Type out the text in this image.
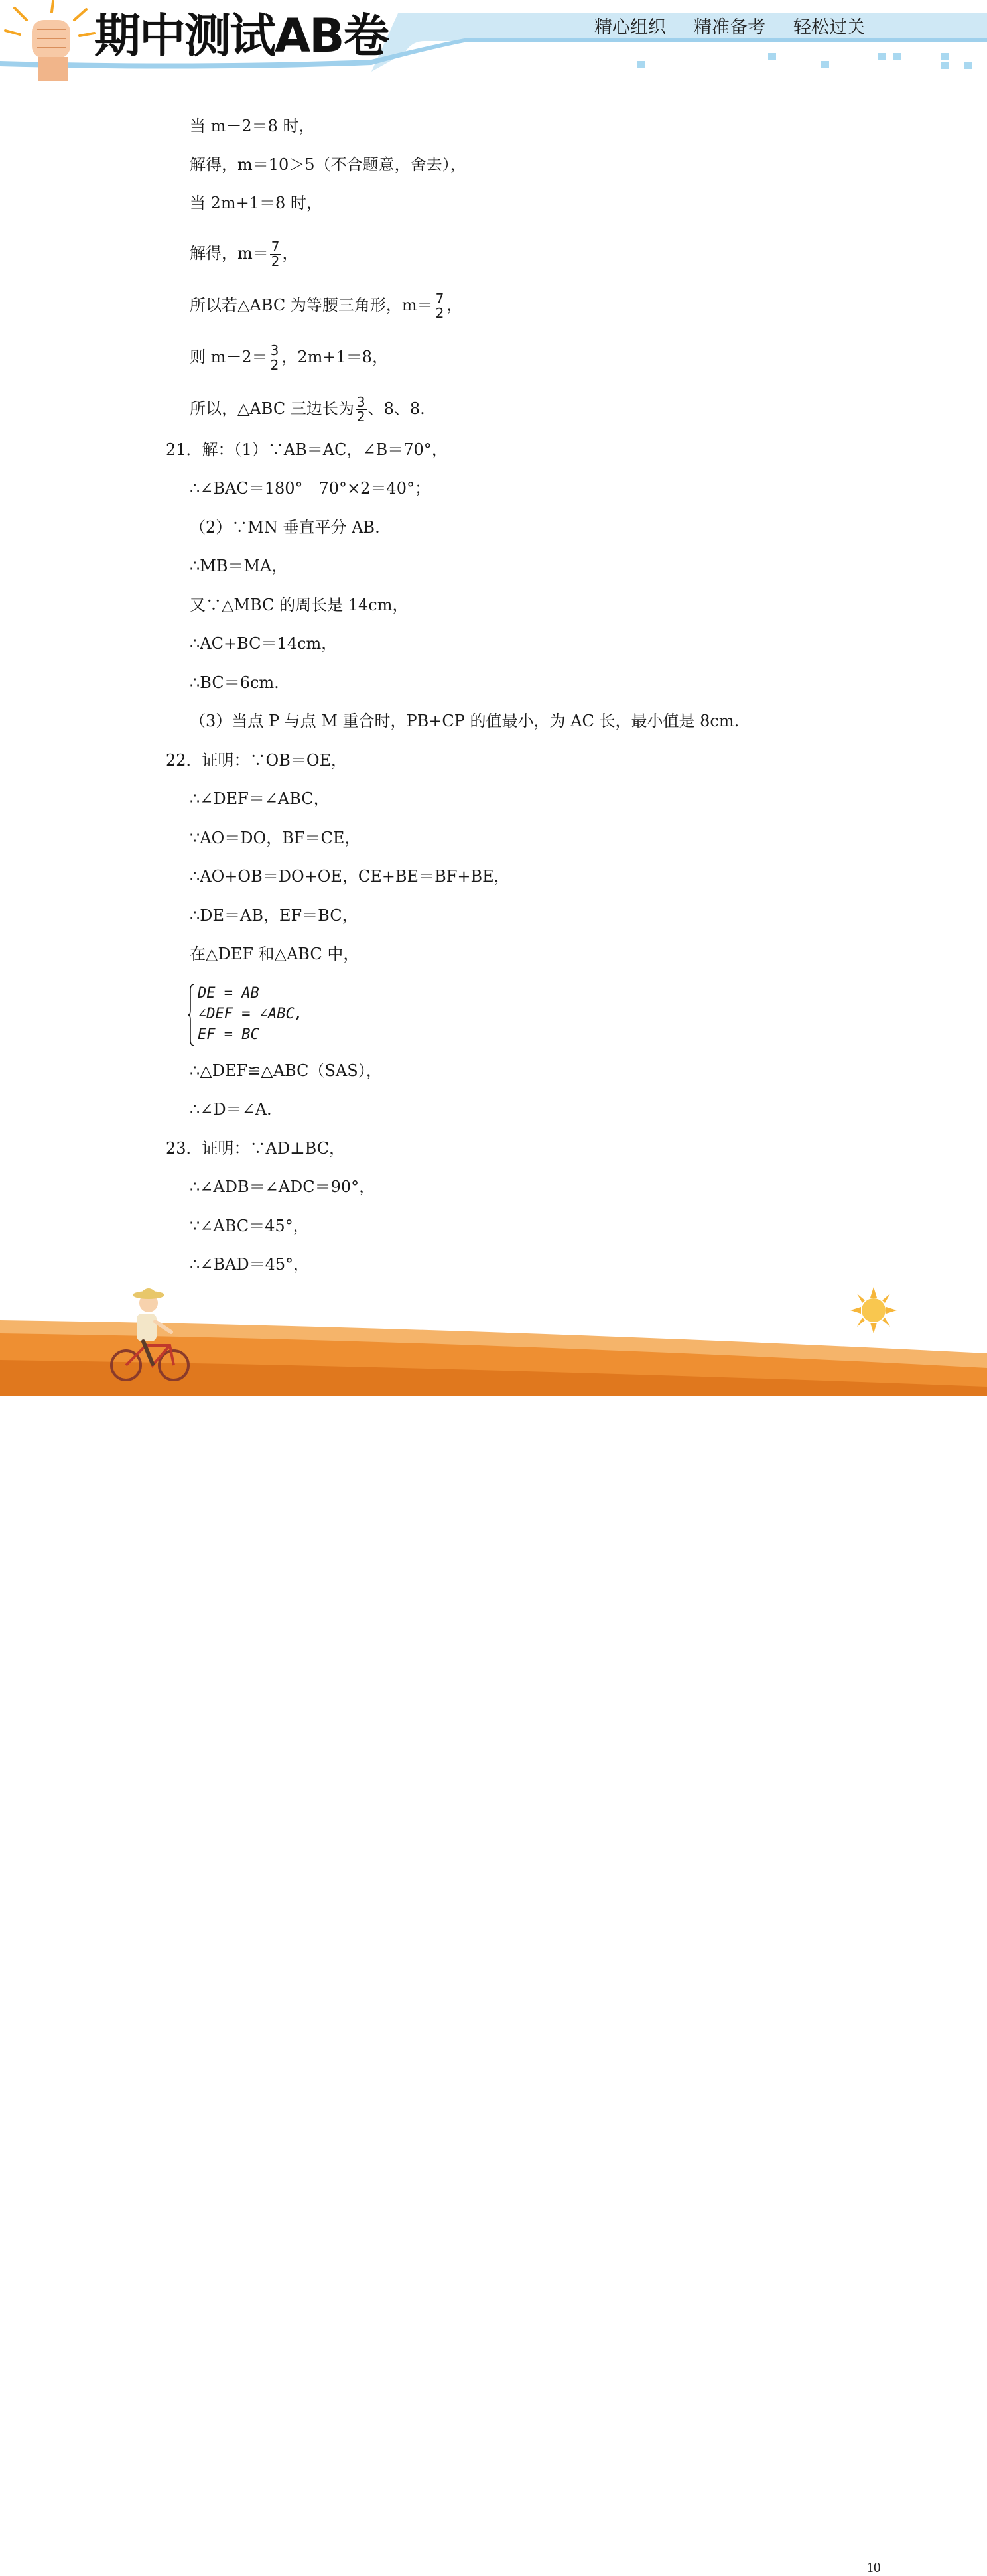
期中测试AB卷	精心组织 精准备考 轻松过关
当 m－2＝8 时，
解得，m＝10＞5（不合题意，舍去），
当 2m+1＝8 时，
解得，$m= \frac{7}{2}$ ，
所以若△ABC 为等腰三角形，$m= \frac{7}{2}$ ，
则 $m-2= \frac{3}{2}$ ，2m+1＝8，
所以，△ABC 三边长为 $\frac{3}{2}$ 、8、8.
21．解：（1）∵AB＝AC，∠B＝70°，
∴∠BAC＝180°－70°×2＝40°；
（2）∵MN 垂直平分 AB.
∴MB＝MA，
又∵△MBC 的周长是 14cm，
∴AC+BC＝14cm，
∴BC＝6cm.
（3）当点 P 与点 M 重合时，PB+CP 的值最小，为 AC 长，最小值是 8cm.
22．证明：∵OB＝OE，
∴∠DEF＝∠ABC，
∵AO＝DO，BF＝CE，
∴AO+OB＝DO+OE，CE+BE＝BF+BE，
∴DE＝AB，EF＝BC，
在△DEF 和△ABC 中，
DE = AB
∠DEF = ∠ABC,
EF = BC
∴△DEF≌△ABC（SAS），
∴∠D＝∠A.
23．证明：∵AD⊥BC，
∴∠ADB＝∠ADC＝90°，
∵∠ABC＝45°，
∴∠BAD＝45°，
10
